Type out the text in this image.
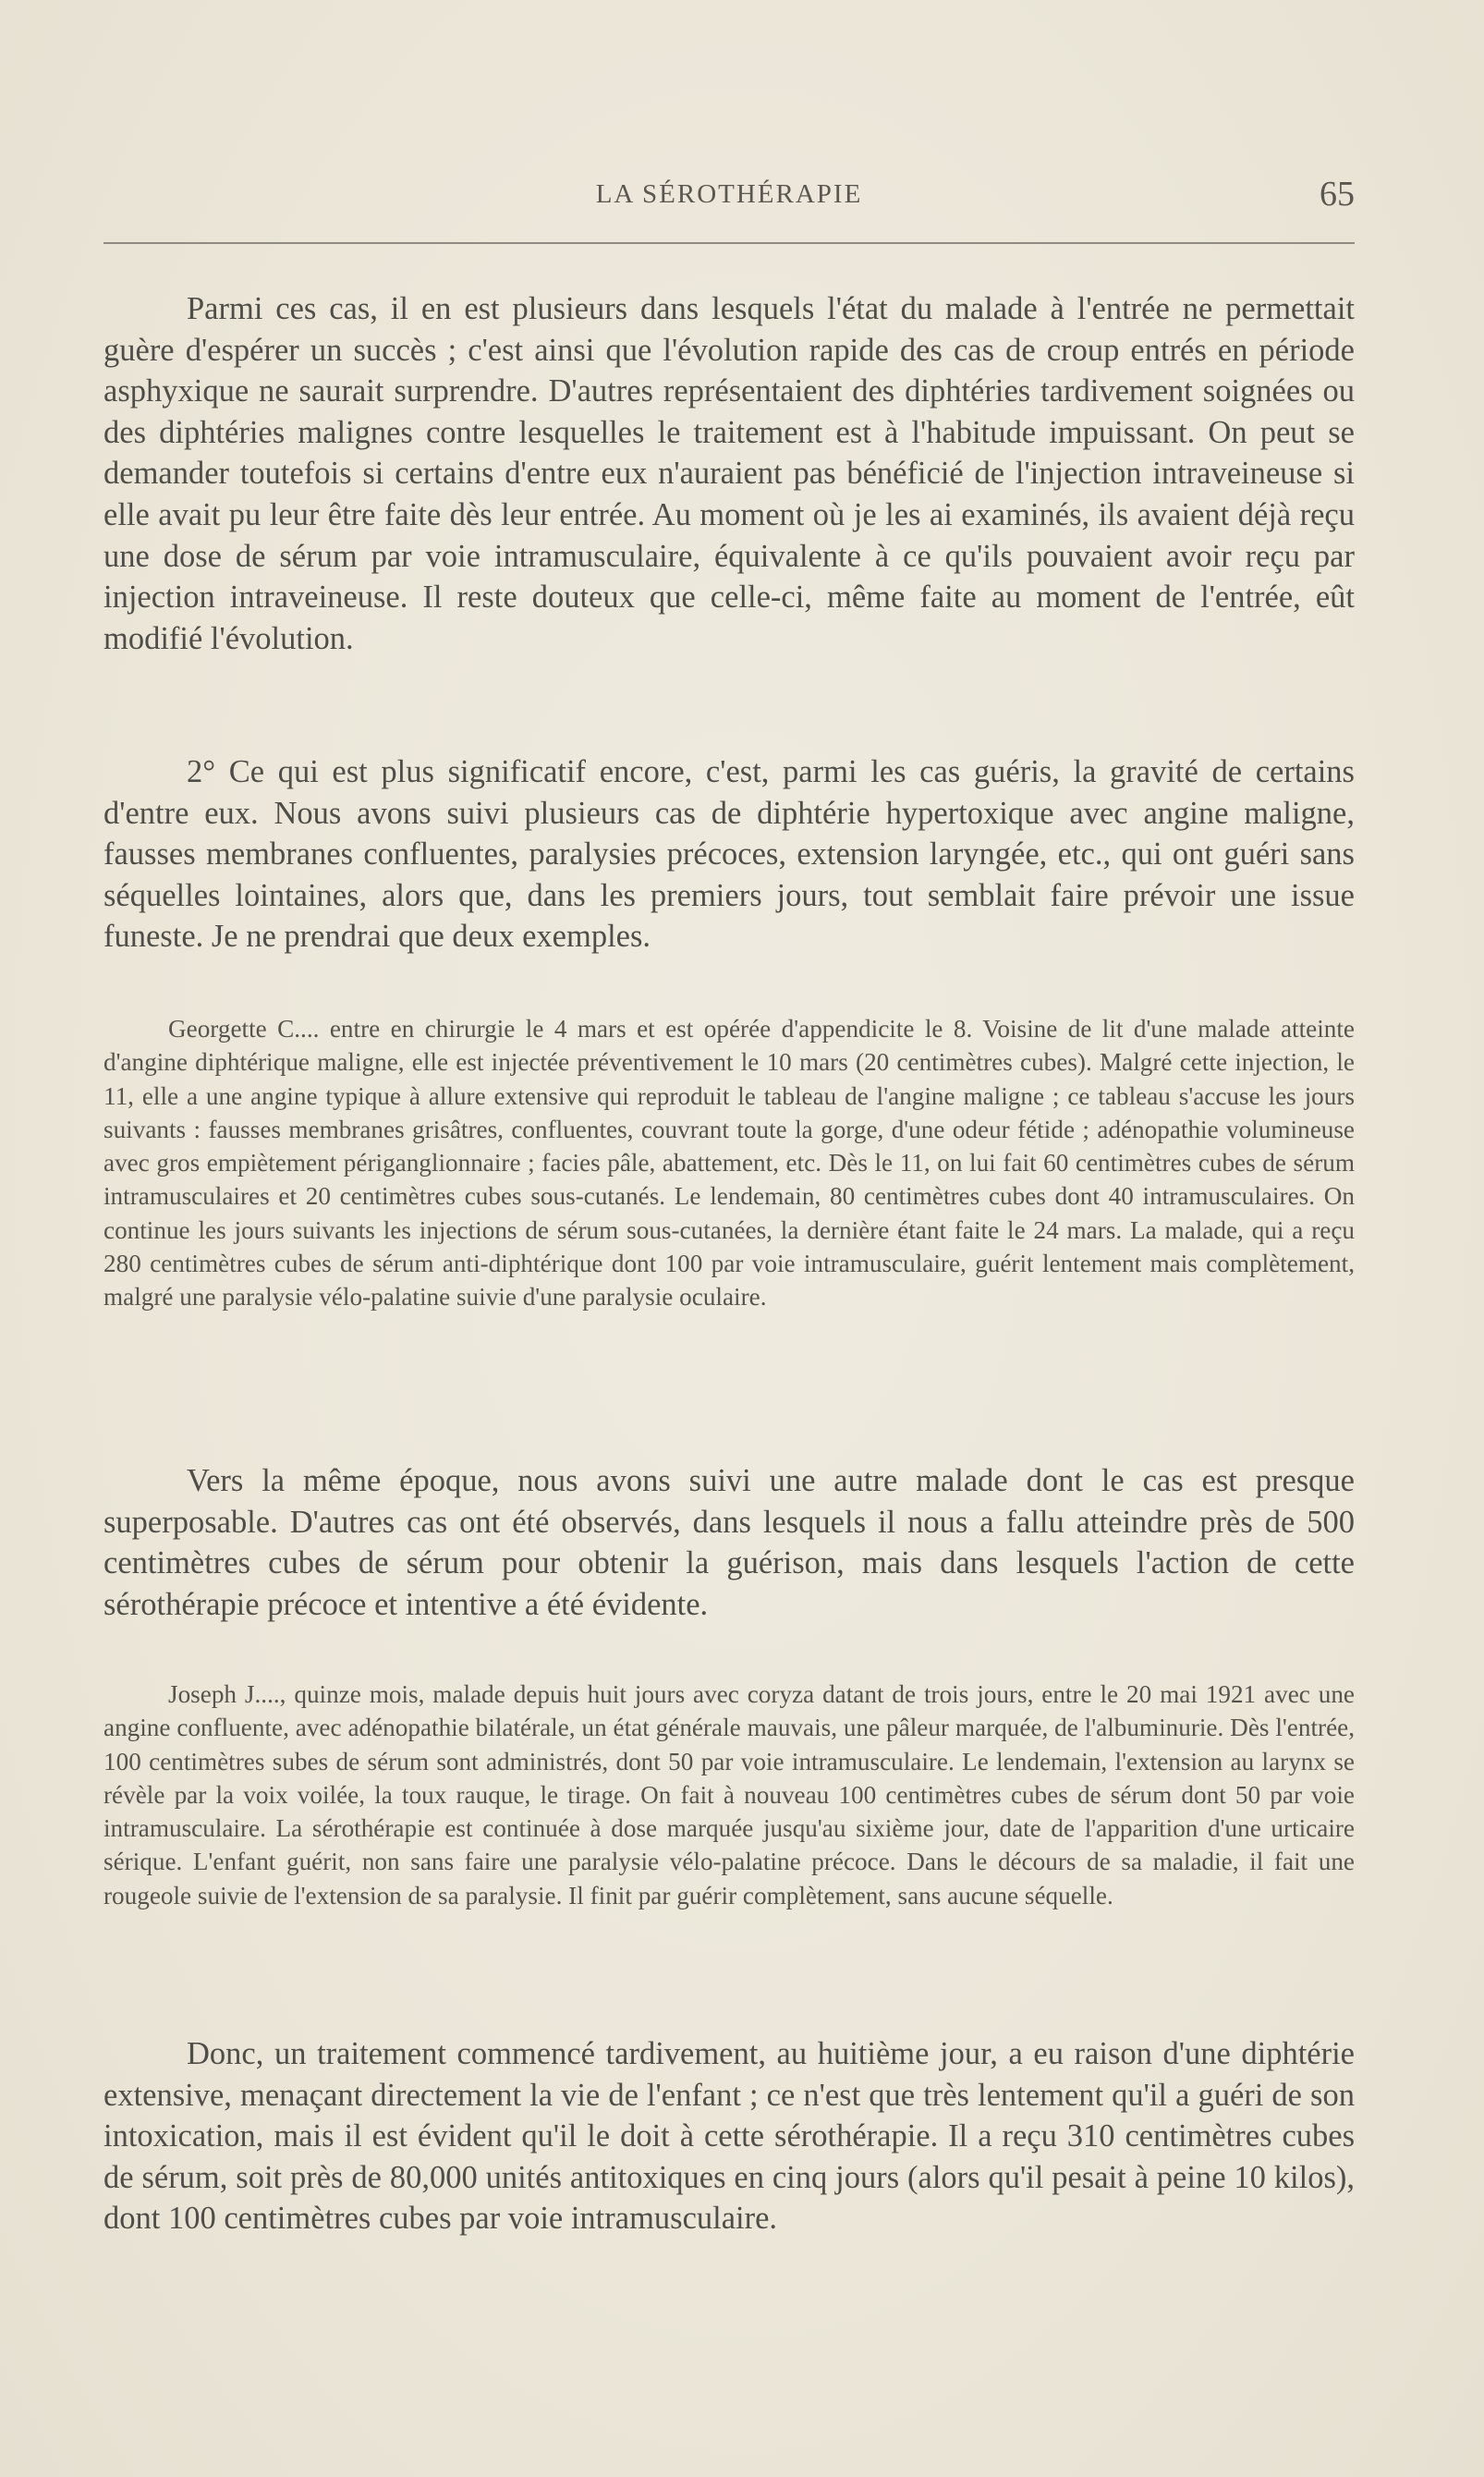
LA SÉROTHÉRAPIE	65

Parmi ces cas, il en est plusieurs dans lesquels l'état du malade à l'entrée ne permettait guère d'espérer un succès ; c'est ainsi que l'évolution rapide des cas de croup entrés en période asphyxique ne saurait surprendre. D'autres représentaient des diphtéries tardivement soignées ou des diphtéries malignes contre lesquelles le traitement est à l'habitude impuissant. On peut se demander toutefois si certains d'entre eux n'auraient pas bénéficié de l'injection intraveineuse si elle avait pu leur être faite dès leur entrée. Au moment où je les ai examinés, ils avaient déjà reçu une dose de sérum par voie intramusculaire, équivalente à ce qu'ils pouvaient avoir reçu par injection intraveineuse. Il reste douteux que celle-ci, même faite au moment de l'entrée, eût modifié l'évolution.

2° Ce qui est plus significatif encore, c'est, parmi les cas guéris, la gravité de certains d'entre eux. Nous avons suivi plusieurs cas de diphtérie hypertoxique avec angine maligne, fausses membranes confluentes, paralysies précoces, extension laryngée, etc., qui ont guéri sans séquelles lointaines, alors que, dans les premiers jours, tout semblait faire prévoir une issue funeste. Je ne prendrai que deux exemples.

Georgette C.... entre en chirurgie le 4 mars et est opérée d'appendicite le 8. Voisine de lit d'une malade atteinte d'angine diphtérique maligne, elle est injectée préventivement le 10 mars (20 centimètres cubes). Malgré cette injection, le 11, elle a une angine typique à allure extensive qui reproduit le tableau de l'angine maligne ; ce tableau s'accuse les jours suivants : fausses membranes grisâtres, confluentes, couvrant toute la gorge, d'une odeur fétide ; adénopathie volumineuse avec gros empiètement périganglionnaire ; facies pâle, abattement, etc. Dès le 11, on lui fait 60 centimètres cubes de sérum intramusculaires et 20 centimètres cubes sous-cutanés. Le lendemain, 80 centimètres cubes dont 40 intramusculaires. On continue les jours suivants les injections de sérum sous-cutanées, la dernière étant faite le 24 mars. La malade, qui a reçu 280 centimètres cubes de sérum anti-diphtérique dont 100 par voie intramusculaire, guérit lentement mais complètement, malgré une paralysie vélo-palatine suivie d'une paralysie oculaire.

Vers la même époque, nous avons suivi une autre malade dont le cas est presque superposable. D'autres cas ont été observés, dans lesquels il nous a fallu atteindre près de 500 centimètres cubes de sérum pour obtenir la guérison, mais dans lesquels l'action de cette sérothérapie précoce et intentive a été évidente.

Joseph J...., quinze mois, malade depuis huit jours avec coryza datant de trois jours, entre le 20 mai 1921 avec une angine confluente, avec adénopathie bilatérale, un état générale mauvais, une pâleur marquée, de l'albuminurie. Dès l'entrée, 100 centimètres subes de sérum sont administrés, dont 50 par voie intramusculaire. Le lendemain, l'extension au larynx se révèle par la voix voilée, la toux rauque, le tirage. On fait à nouveau 100 centimètres cubes de sérum dont 50 par voie intramusculaire. La sérothérapie est continuée à dose marquée jusqu'au sixième jour, date de l'apparition d'une urticaire sérique. L'enfant guérit, non sans faire une paralysie vélo-palatine précoce. Dans le décours de sa maladie, il fait une rougeole suivie de l'extension de sa paralysie. Il finit par guérir complètement, sans aucune séquelle.

Donc, un traitement commencé tardivement, au huitième jour, a eu raison d'une diphtérie extensive, menaçant directement la vie de l'enfant ; ce n'est que très lentement qu'il a guéri de son intoxication, mais il est évident qu'il le doit à cette sérothérapie. Il a reçu 310 centimètres cubes de sérum, soit près de 80,000 unités antitoxiques en cinq jours (alors qu'il pesait à peine 10 kilos), dont 100 centimètres cubes par voie intramusculaire.
